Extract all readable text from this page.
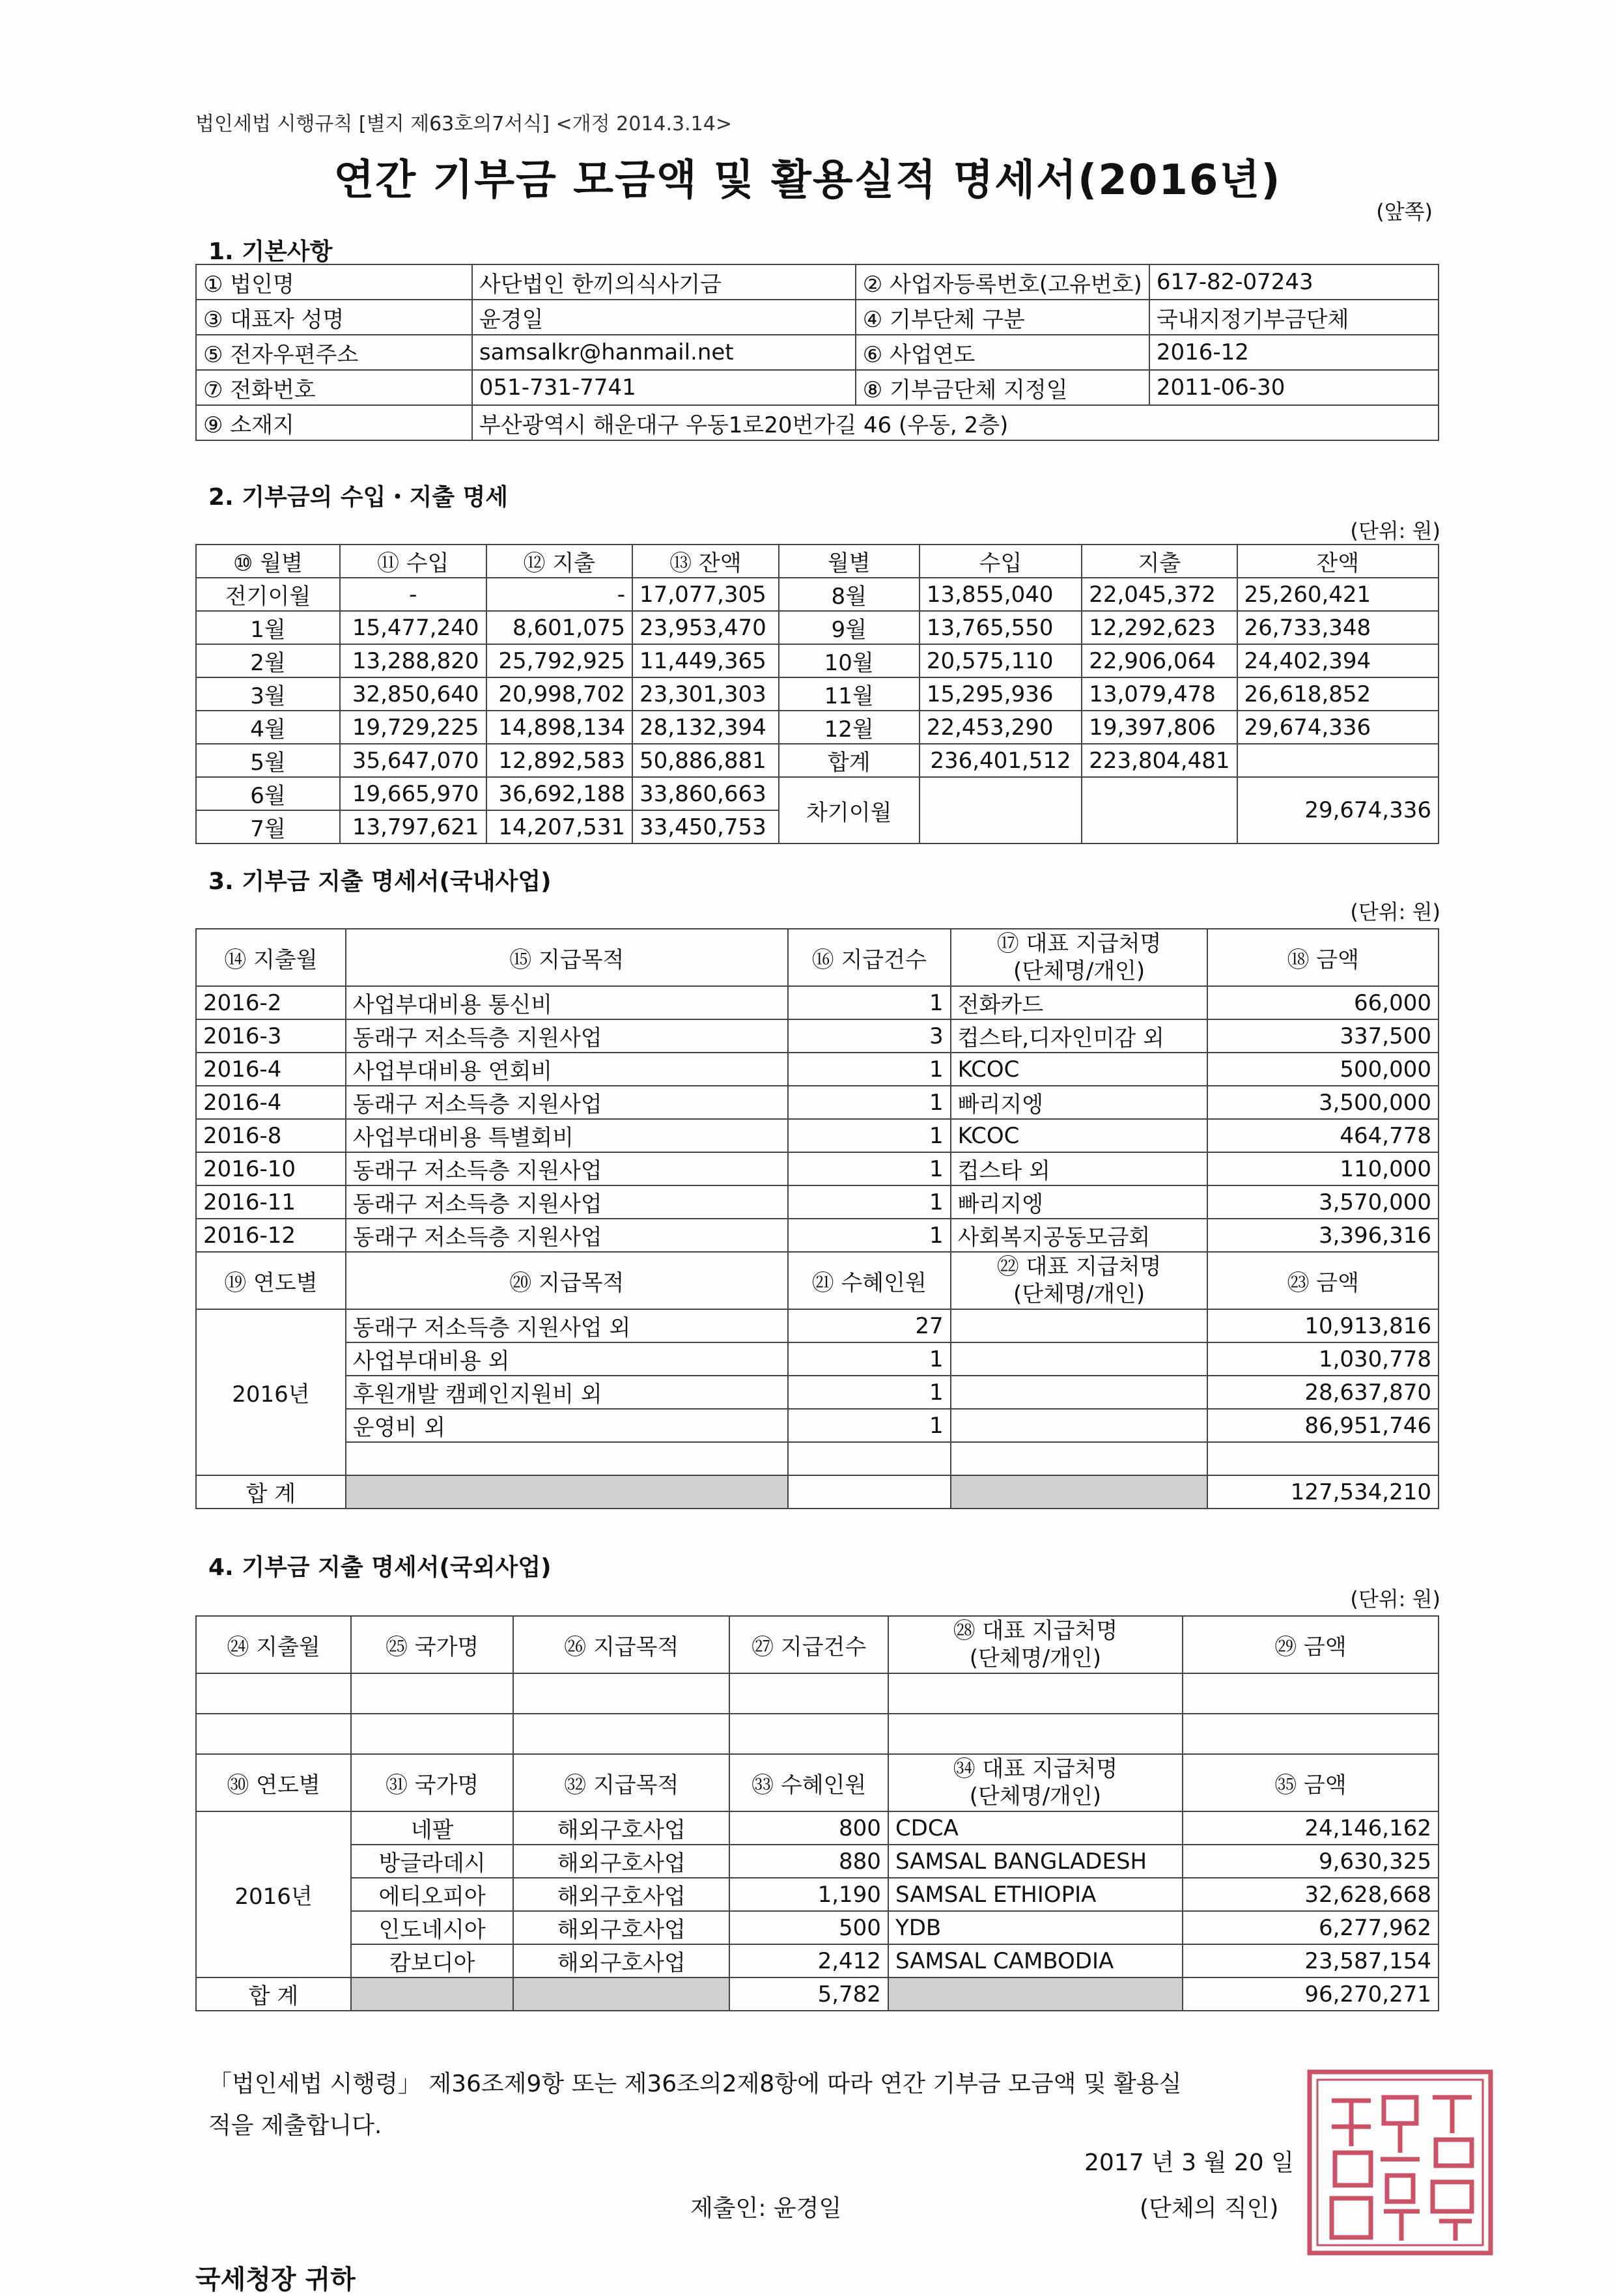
법인세법 시행규칙 [별지 제63호의7서식] <개정 2014.3.14>
연간 기부금 모금액 및 활용실적 명세서(2016년)
(앞쪽)
1. 기본사항
① 법인명	사단법인 한끼의식사기금	② 사업자등록번호(고유번호)	617-82-07243
③ 대표자 성명	윤경일	④ 기부단체 구분	국내지정기부금단체
⑤ 전자우편주소	samsalkr@hanmail.net	⑥ 사업연도	2016-12
⑦ 전화번호	051-731-7741	⑧ 기부금단체 지정일	2011-06-30
⑨ 소재지	부산광역시 해운대구 우동1로20번가길 46 (우동, 2층)		
2. 기부금의 수입・지출 명세
(단위: 원)
⑩ 월별	⑪ 수입	⑫ 지출	⑬ 잔액	월별	수입	지출	잔액
전기이월	-	-	17,077,305	8월	13,855,040	22,045,372	25,260,421
1월	15,477,240	8,601,075	23,953,470	9월	13,765,550	12,292,623	26,733,348
2월	13,288,820	25,792,925	11,449,365	10월	20,575,110	22,906,064	24,402,394
3월	32,850,640	20,998,702	23,301,303	11월	15,295,936	13,079,478	26,618,852
4월	19,729,225	14,898,134	28,132,394	12월	22,453,290	19,397,806	29,674,336
5월	35,647,070	12,892,583	50,886,881	합계	236,401,512	223,804,481	
6월	19,665,970	36,692,188	33,860,663	차기이월			29,674,336
7월	13,797,621	14,207,531	33,450,753				
3. 기부금 지출 명세서(국내사업)
(단위: 원)
⑭ 지출월	⑮ 지급목적	⑯ 지급건수	⑰ 대표 지급처명
(단체명/개인)	⑱ 금액
2016-2	사업부대비용 통신비	1	전화카드	66,000
2016-3	동래구 저소득층 지원사업	3	컵스타,디자인미감 외	337,500
2016-4	사업부대비용 연회비	1	KCOC	500,000
2016-4	동래구 저소득층 지원사업	1	빠리지엥	3,500,000
2016-8	사업부대비용 특별회비	1	KCOC	464,778
2016-10	동래구 저소득층 지원사업	1	컵스타 외	110,000
2016-11	동래구 저소득층 지원사업	1	빠리지엥	3,570,000
2016-12	동래구 저소득층 지원사업	1	사회복지공동모금회	3,396,316
⑲ 연도별	⑳ 지급목적	㉑ 수혜인원	㉒ 대표 지급처명
(단체명/개인)	㉓ 금액
2016년	동래구 저소득층 지원사업 외	27		10,913,816
	사업부대비용 외	1		1,030,778
	후원개발 캠페인지원비 외	1		28,637,870
	운영비 외	1		86,951,746

합 계				127,534,210
4. 기부금 지출 명세서(국외사업)
(단위: 원)
㉔ 지출월	㉕ 국가명	㉖ 지급목적	㉗ 지급건수	㉘ 대표 지급처명
(단체명/개인)	㉙ 금액

㉚ 연도별	㉛ 국가명	㉜ 지급목적	㉝ 수혜인원	㉞ 대표 지급처명
(단체명/개인)	㉟ 금액
2016년	네팔	해외구호사업	800	CDCA	24,146,162
	방글라데시	해외구호사업	880	SAMSAL BANGLADESH	9,630,325
	에티오피아	해외구호사업	1,190	SAMSAL ETHIOPIA	32,628,668
	인도네시아	해외구호사업	500	YDB	6,277,962
	캄보디아	해외구호사업	2,412	SAMSAL CAMBODIA	23,587,154
합 계			5,782		96,270,271
「법인세법 시행령」 제36조제9항 또는 제36조의2제8항에 따라 연간 기부금 모금액 및 활용실
적을 제출합니다.
2017 년 3 월 20 일
제출인: 윤경일	(단체의 직인)
국세청장 귀하
